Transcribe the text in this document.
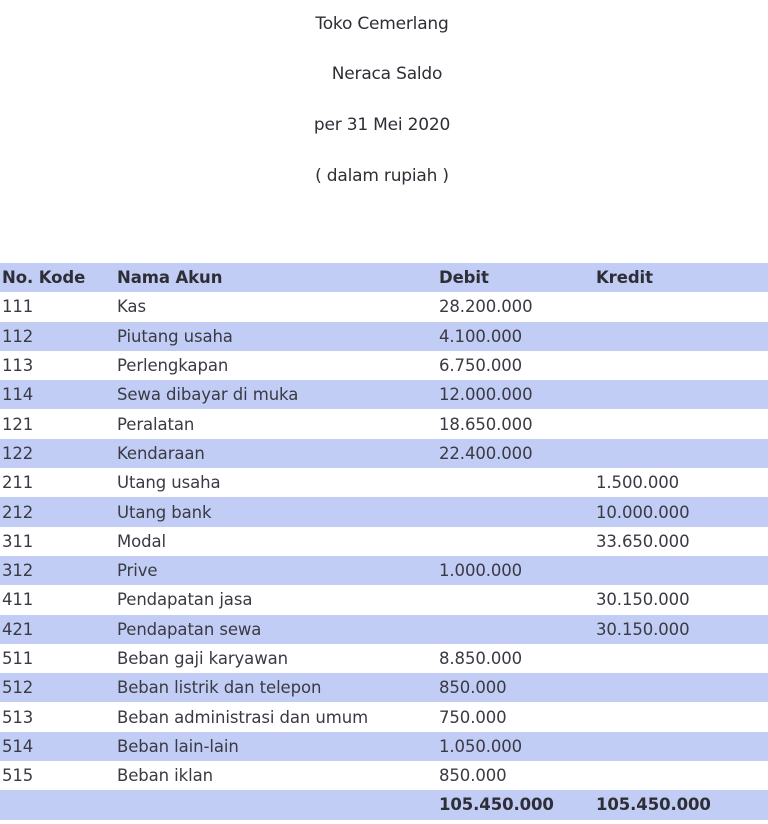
Toko Cemerlang
Neraca Saldo
per 31 Mei 2020
( dalam rupiah )
No. Kode	Nama Akun	Debit	Kredit
111	Kas	28.200.000	
112	Piutang usaha	4.100.000	
113	Perlengkapan	6.750.000	
114	Sewa dibayar di muka	12.000.000	
121	Peralatan	18.650.000	
122	Kendaraan	22.400.000	
211	Utang usaha		1.500.000
212	Utang bank		10.000.000
311	Modal		33.650.000
312	Prive	1.000.000	
411	Pendapatan jasa		30.150.000
421	Pendapatan sewa		30.150.000
511	Beban gaji karyawan	8.850.000	
512	Beban listrik dan telepon	850.000	
513	Beban administrasi dan umum	750.000	
514	Beban lain-lain	1.050.000	
515	Beban iklan	850.000	
		105.450.000	105.450.000
